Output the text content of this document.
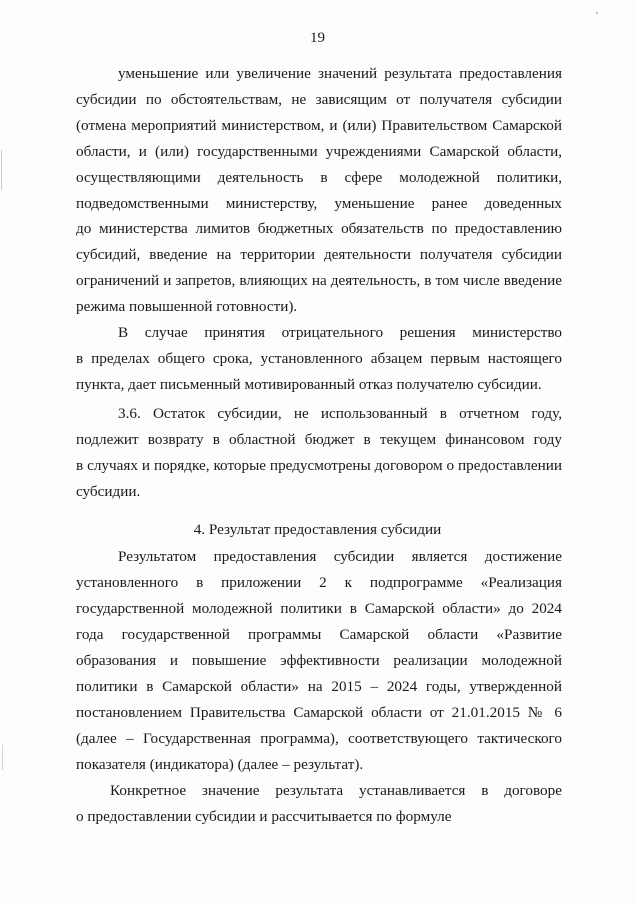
19
уменьшение или увеличение значений результата предоставления
субсидии по обстоятельствам, не зависящим от получателя субсидии
(отмена мероприятий министерством, и (или) Правительством Самарской
области, и (или) государственными учреждениями Самарской области,
осуществляющими деятельность в сфере молодежной политики,
подведомственными министерству, уменьшение ранее доведенных
до министерства лимитов бюджетных обязательств по предоставлению
субсидий, введение на территории деятельности получателя субсидии
ограничений и запретов, влияющих на деятельность, в том числе введение
режима повышенной готовности).
В случае принятия отрицательного решения министерство
в пределах общего срока, установленного абзацем первым настоящего
пункта, дает письменный мотивированный отказ получателю субсидии.
3.6. Остаток субсидии, не использованный в отчетном году,
подлежит возврату в областной бюджет в текущем финансовом году
в случаях и порядке, которые предусмотрены договором о предоставлении
субсидии.
4. Результат предоставления субсидии
Результатом предоставления субсидии является достижение
установленного в приложении 2 к подпрограмме «Реализация
государственной молодежной политики в Самарской области» до 2024
года государственной программы Самарской области «Развитие
образования и повышение эффективности реализации молодежной
политики в Самарской области» на 2015 – 2024 годы, утвержденной
постановлением Правительства Самарской области от 21.01.2015 № 6
(далее – Государственная программа), соответствующего тактического
показателя (индикатора) (далее – результат).
Конкретное значение результата устанавливается в договоре
о предоставлении субсидии и рассчитывается по формуле
